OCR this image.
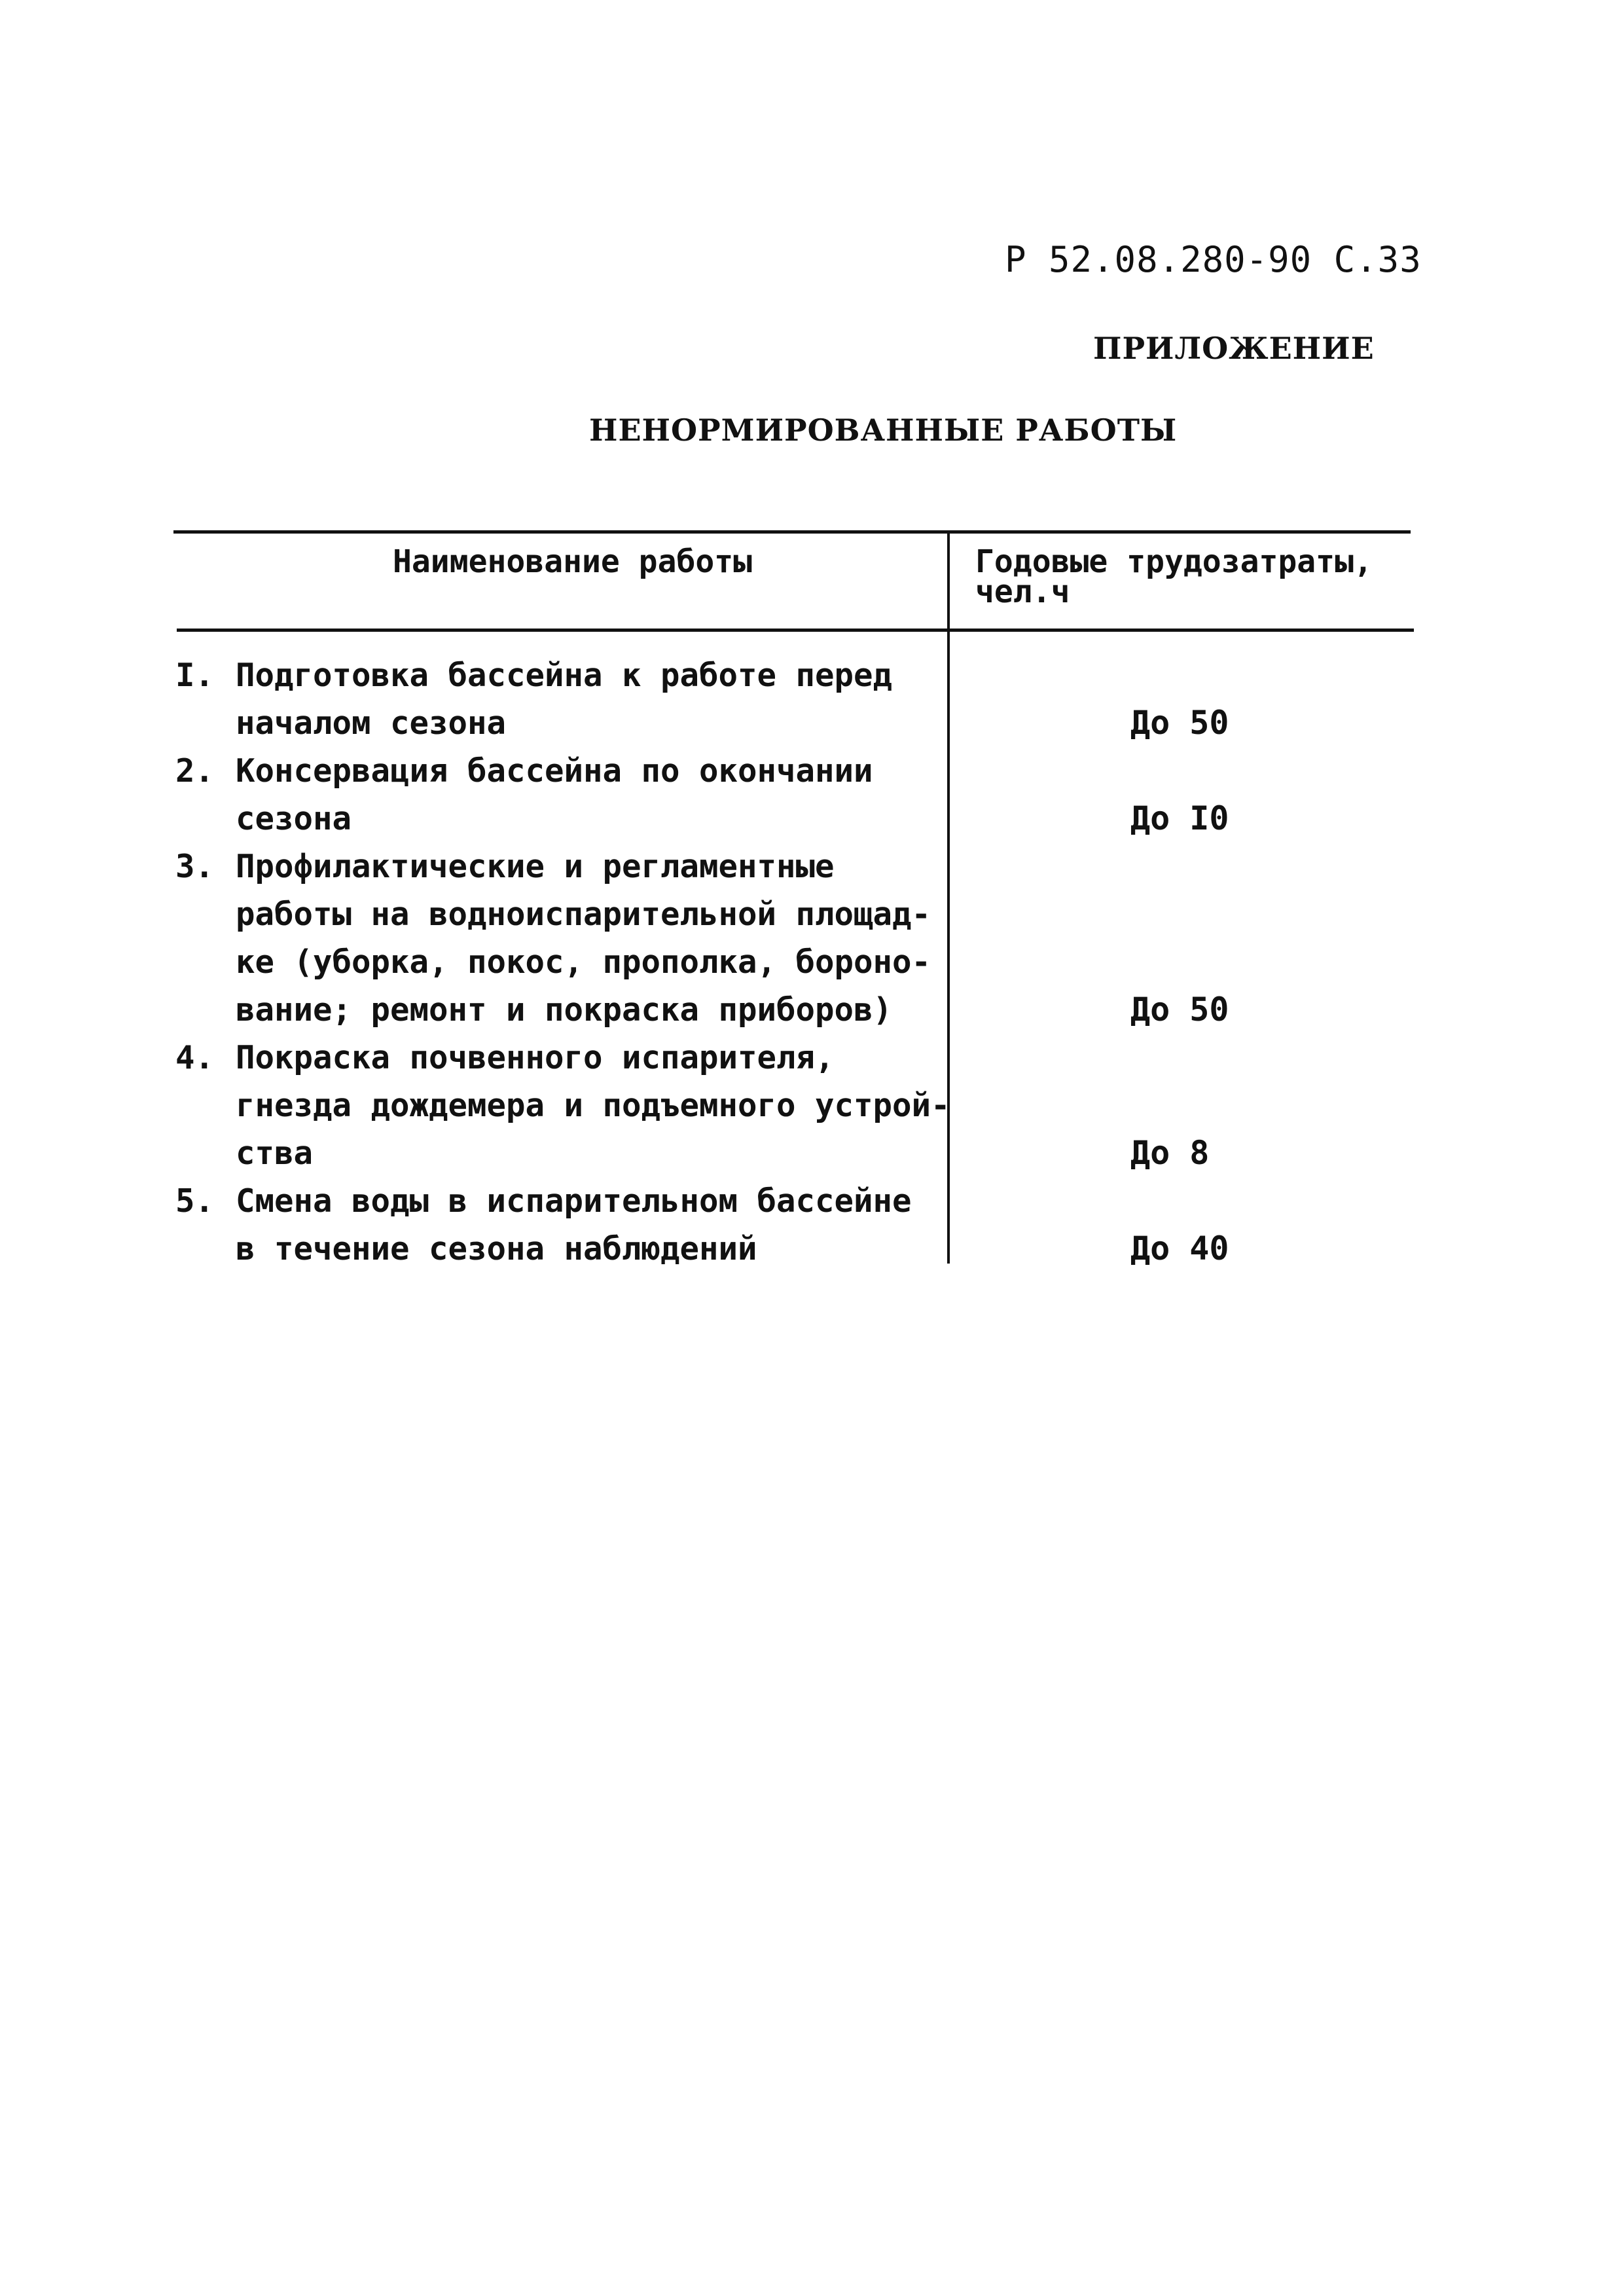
Р 52.08.280-90 С.33
ПРИЛОЖЕНИЕ
НЕНОРМИРОВАННЫЕ РАБОТЫ
Наименование работы	Годовые трудозатраты,
чел.ч
I. Подготовка бассейна к работе перед
началом сезона	До 50
2. Консервация бассейна по окончании
сезона	До I0
3. Профилактические и регламентные
работы на водноиспарительной площад-
ке (уборка, покос, прополка, бороно-
вание; ремонт и покраска приборов)	До 50
4. Покраска почвенного испарителя,
гнезда дождемера и подъемного устрой-
ства	До 8
5. Смена воды в испарительном бассейне
в течение сезона наблюдений	До 40
